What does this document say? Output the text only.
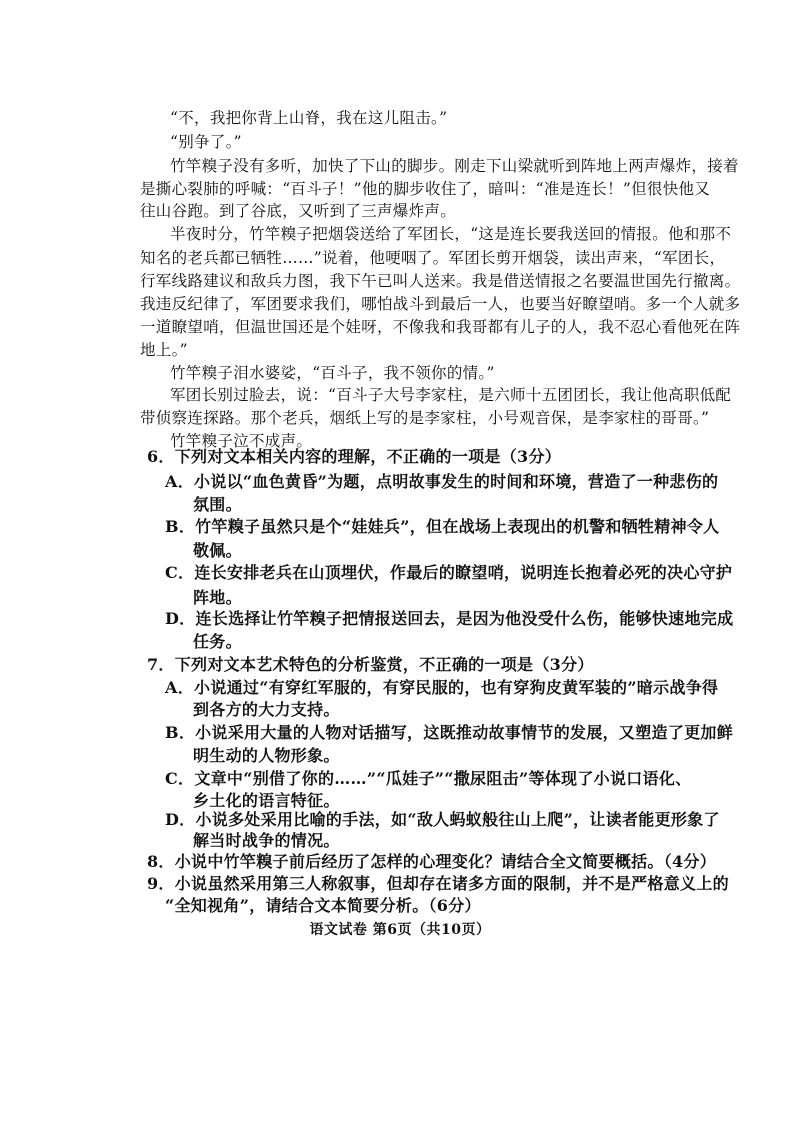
“不，我把你背上山脊，我在这儿阻击。”
“别争了。”
竹竿糗子没有多听，加快了下山的脚步。刚走下山梁就听到阵地上两声爆炸，接着
是撕心裂肺的呼喊：“百斗子！”他的脚步收住了，暗叫：“准是连长！”但很快他又
往山谷跑。到了谷底，又听到了三声爆炸声。
半夜时分，竹竿糗子把烟袋送给了军团长，“这是连长要我送回的情报。他和那不
知名的老兵都已牺牲……”说着，他哽咽了。军团长剪开烟袋，读出声来，“军团长，
行军线路建议和敌兵力图，我下午已叫人送来。我是借送情报之名要温世国先行撤离。
我违反纪律了，军团要求我们，哪怕战斗到最后一人，也要当好瞭望哨。多一个人就多
一道瞭望哨，但温世国还是个娃呀，不像我和我哥都有儿子的人，我不忍心看他死在阵
地上。”
竹竿糗子泪水婆娑，“百斗子，我不领你的情。”
军团长别过脸去，说：“百斗子大号李家柱，是六师十五团团长，我让他高职低配
带侦察连探路。那个老兵，烟纸上写的是李家柱，小号观音保，是李家柱的哥哥。”
竹竿糗子泣不成声。
6．下列对文本相关内容的理解，不正确的一项是（3分）
A．小说以“血色黄昏”为题，点明故事发生的时间和环境，营造了一种悲伤的
氛围。
B．竹竿糗子虽然只是个“娃娃兵”，但在战场上表现出的机警和牺牲精神令人
敬佩。
C．连长安排老兵在山顶埋伏，作最后的瞭望哨，说明连长抱着必死的决心守护
阵地。
D．连长选择让竹竿糗子把情报送回去，是因为他没受什么伤，能够快速地完成
任务。
7．下列对文本艺术特色的分析鉴赏，不正确的一项是（3分）
A．小说通过“有穿红军服的，有穿民服的，也有穿狗皮黄军装的”暗示战争得
到各方的大力支持。
B．小说采用大量的人物对话描写，这既推动故事情节的发展，又塑造了更加鲜
明生动的人物形象。
C．文章中“别借了你的……”“瓜娃子”“撒尿阻击”等体现了小说口语化、
乡土化的语言特征。
D．小说多处采用比喻的手法，如“敌人蚂蚁般往山上爬”，让读者能更形象了
解当时战争的情况。
8．小说中竹竿糗子前后经历了怎样的心理变化？请结合全文简要概括。（4分）
9．小说虽然采用第三人称叙事，但却存在诸多方面的限制，并不是严格意义上的
“全知视角”，请结合文本简要分析。（6分）
语文试卷 第6页（共10页）
